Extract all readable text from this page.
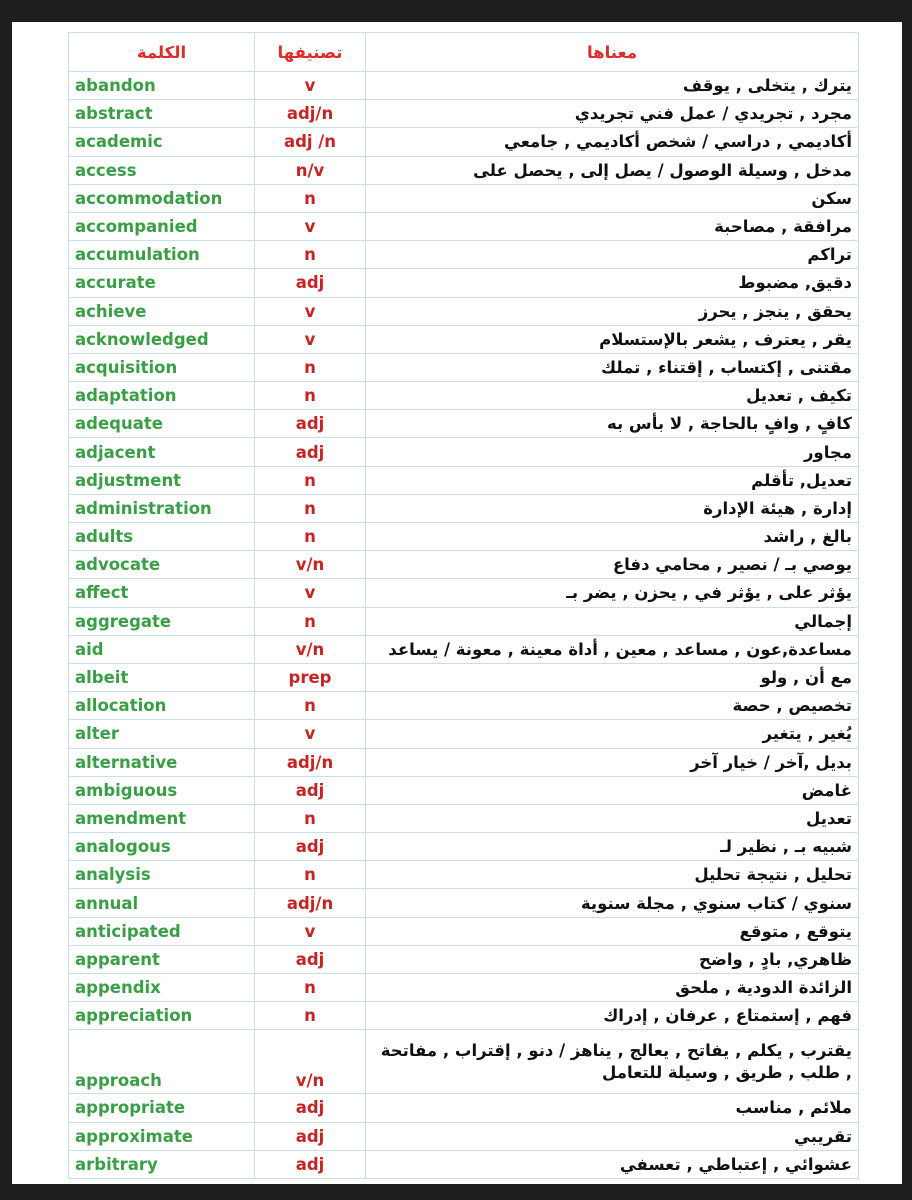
الكلمة	تصنيفها	معناها
abandon	v	يترك , يتخلى , يوقف
abstract	adj/n	مجرد , تجريدي / عمل فني تجريدي
academic	adj /n	أكاديمي , دراسي / شخص أكاديمي , جامعي
access	n/v	مدخل , وسيلة الوصول / يصل إلى , يحصل على
accommodation	n	سكن
accompanied	v	مرافقة , مصاحبة
accumulation	n	تراكم
accurate	adj	دقيق, مضبوط
achieve	v	يحقق , ينجز , يحرز
acknowledged	v	يقر , يعترف , يشعر بالإستسلام
acquisition	n	مقتنى , إكتساب , إقتناء , تملك
adaptation	n	تكيف , تعديل
adequate	adj	كافٍ , وافٍ بالحاجة , لا بأس به
adjacent	adj	مجاور
adjustment	n	تعديل, تأقلم
administration	n	إدارة , هيئة الإدارة
adults	n	بالغ , راشد
advocate	v/n	يوصي بـ / نصير , محامي دفاع
affect	v	يؤثر على , يؤثر في , يحزن , يضر بـ
aggregate	n	إجمالي
aid	v/n	مساعدة,عون , مساعد , معين , أداة معينة , معونة / يساعد
albeit	prep	مع أن , ولو
allocation	n	تخصيص , حصة
alter	v	يُغير , يتغير
alternative	adj/n	بديل ,آخر / خيار آخر
ambiguous	adj	غامض
amendment	n	تعديل
analogous	adj	شبيه بـ , نظير لـ
analysis	n	تحليل , نتيجة تحليل
annual	adj/n	سنوي / كتاب سنوي , مجلة سنوية
anticipated	v	يتوقع , متوقع
apparent	adj	ظاهري, بادٍ , واضح
appendix	n	الزائدة الدودية , ملحق
appreciation	n	فهم , إستمتاع , عرفان , إدراك
approach	v/n	يقترب , يكلم , يفاتح , يعالج , يناهز / دنو , إقتراب , مفاتحة , طلب , طريق , وسيلة للتعامل
appropriate	adj	ملائم , مناسب
approximate	adj	تقريبي
arbitrary	adj	عشوائي , إعتباطي , تعسفي
